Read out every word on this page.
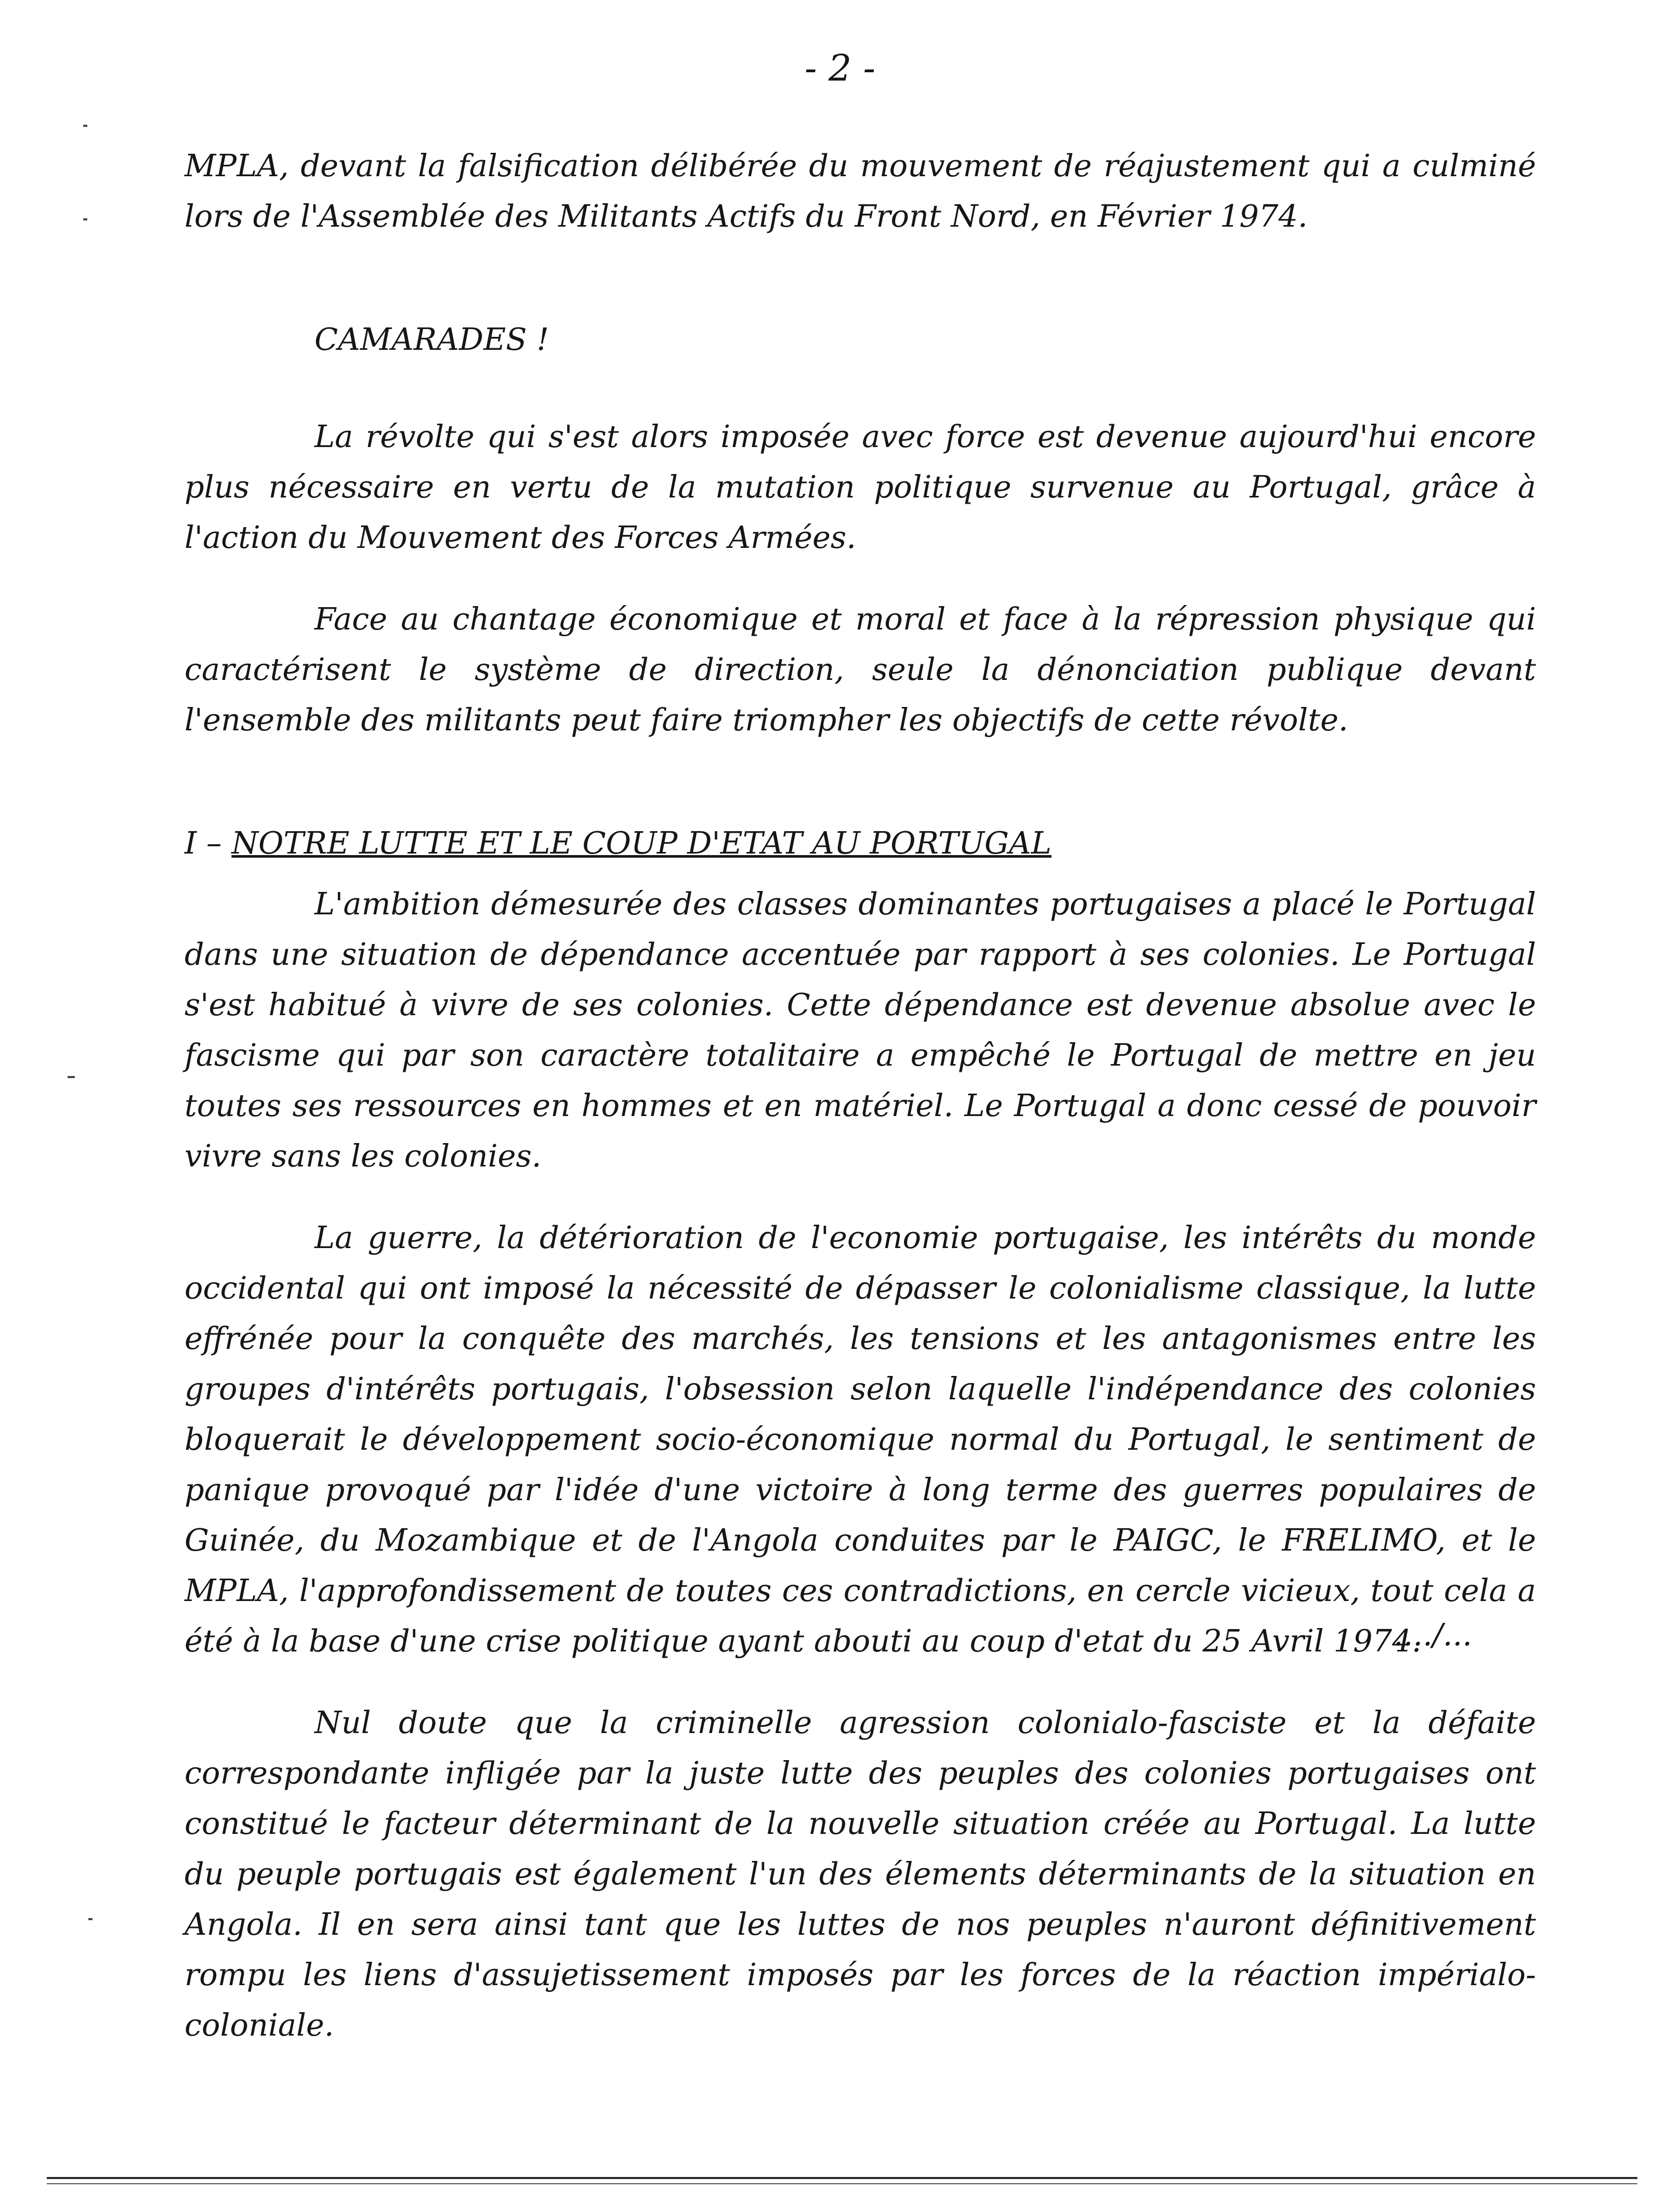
- 2 -

MPLA, devant la falsification délibérée du mouvement de réajustement qui a culminé lors de l'Assemblée des Militants Actifs du Front Nord, en Février 1974.

CAMARADES !

La révolte qui s'est alors imposée avec force est devenue aujourd'hui encore plus nécessaire en vertu de la mutation politique survenue au Portugal, grâce à l'action du Mouvement des Forces Armées.

Face au chantage économique et moral et face à la répression physique qui caractérisent le système de direction, seule la dénonciation publique devant l'ensemble des militants peut faire triompher les objectifs de cette révolte.

I – NOTRE LUTTE ET LE COUP D'ETAT AU PORTUGAL

L'ambition démesurée des classes dominantes portugaises a placé le Portugal dans une situation de dépendance accentuée par rapport à ses colonies. Le Portugal s'est habitué à vivre de ses colonies. Cette dépendance est devenue absolue avec le fascisme qui par son caractère totalitaire a empêché le Portugal de mettre en jeu toutes ses ressources en hommes et en matériel. Le Portugal a donc cessé de pouvoir vivre sans les colonies.

La guerre, la détérioration de l'economie portugaise, les intérêts du monde occidental qui ont imposé la nécessité de dépasser le colonialisme classique, la lutte effrénée pour la conquête des marchés, les tensions et les antagonismes entre les groupes d'intérêts portugais, l'obsession selon laquelle l'indépendance des colonies bloquerait le développement socio-économique normal du Portugal, le sentiment de panique provoqué par l'idée d'une victoire à long terme des guerres populaires de Guinée, du Mozambique et de l'Angola conduites par le PAIGC, le FRELIMO, et le MPLA, l'approfondissement de toutes ces contradictions, en cercle vicieux, tout cela a été à la base d'une crise politique ayant abouti au coup d'etat du 25 Avril 1974.

Nul doute que la criminelle agression colonialo-fasciste et la défaite correspondante infligée par la juste lutte des peuples des colonies portugaises ont constitué le facteur déterminant de la nouvelle situation créée au Portugal. La lutte du peuple portugais est également l'un des élements déterminants de la situation en Angola. Il en sera ainsi tant que les luttes de nos peuples n'auront définitivement rompu les liens d'assujetissement imposés par les forces de la réaction impérialo-coloniale.

..../...
